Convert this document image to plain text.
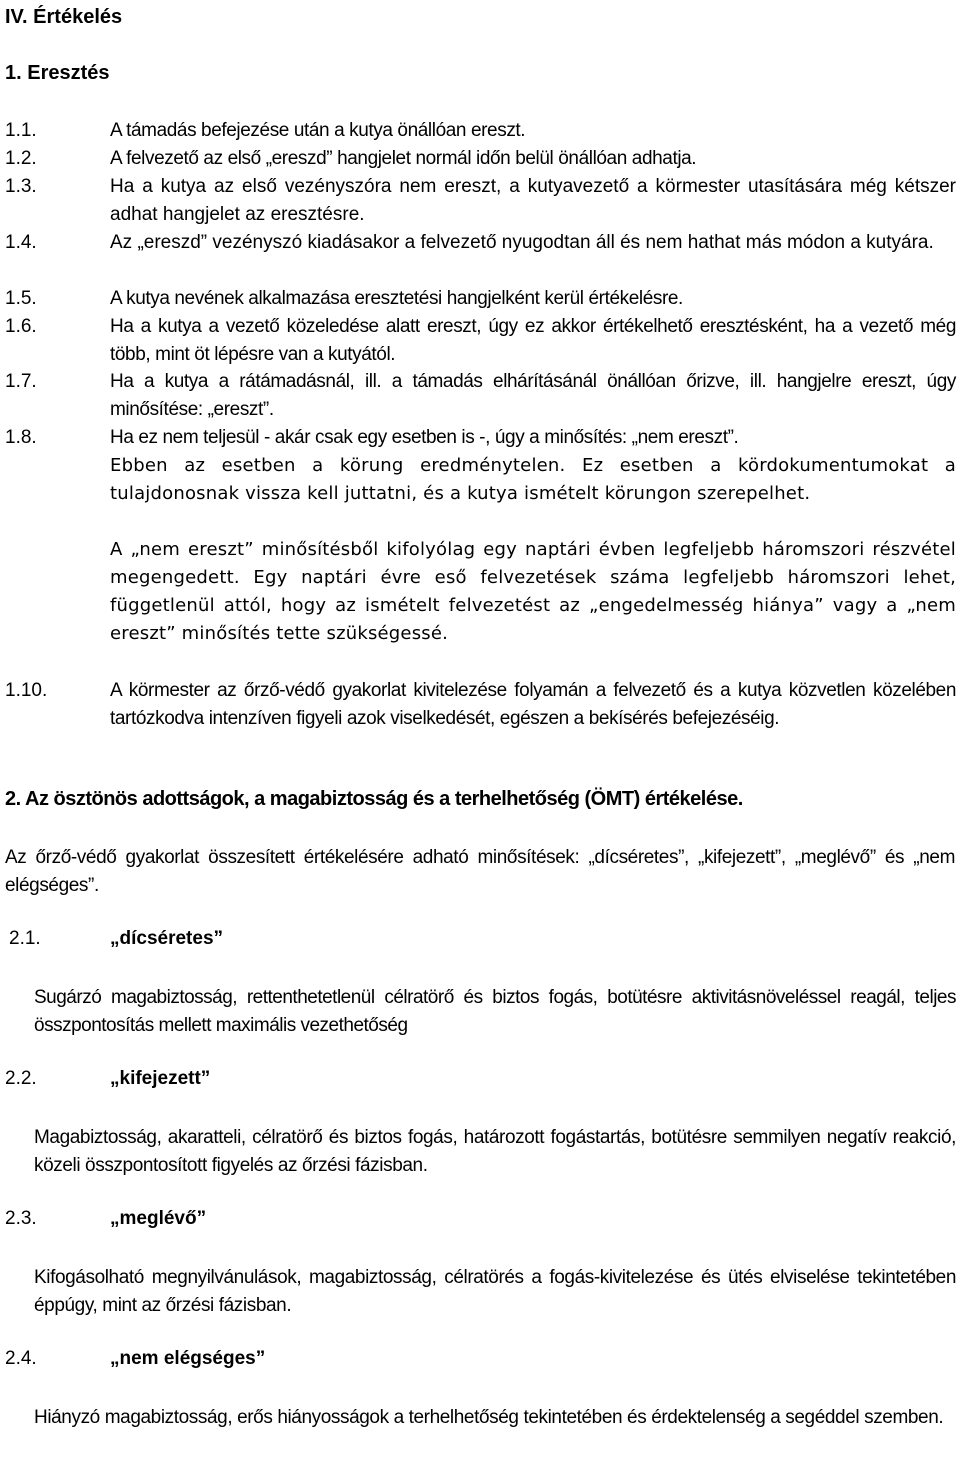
IV. Értékelés
1. Eresztés
1.1.	A támadás befejezése után a kutya önállóan ereszt.

1.2.	A felvezető az első „ereszd” hangjelet normál időn belül önállóan adhatja.

1.3.	Ha a kutya az első vezényszóra nem ereszt, a kutyavezető a körmester utasítására még kétszer adhat hangjelet az eresztésre.

1.4.	Az „ereszd” vezényszó kiadásakor a felvezető nyugodtan áll és nem hathat más módon a kutyára.

1.5.	A kutya nevének alkalmazása eresztetési hangjelként kerül értékelésre.

1.6.	Ha a kutya a vezető közeledése alatt ereszt, úgy ez akkor értékelhető eresztésként, ha a vezető még több, mint öt lépésre van a kutyától.

1.7.	Ha a kutya a rátámadásnál, ill. a támadás elhárításánál önállóan őrizve, ill. hangjelre ereszt, úgy minősítése: „ereszt”.

1.8.	Ha ez nem teljesül - akár csak egy esetben is -, úgy a minősítés: „nem ereszt”.

Ebben az esetben a körung eredménytelen. Ez esetben a kördokumentumokat a tulajdonosnak vissza kell juttatni, és a kutya ismételt körungon szerepelhet.

A „nem ereszt” minősítésből kifolyólag egy naptári évben legfeljebb háromszori részvétel megengedett. Egy naptári évre eső felvezetések száma legfeljebb háromszori lehet, függetlenül attól, hogy az ismételt felvezetést az „engedelmesség hiánya” vagy a „nem ereszt” minősítés tette szükségessé.

1.10.	A körmester az őrző-védő gyakorlat kivitelezése folyamán a felvezető és a kutya közvetlen közelében tartózkodva intenzíven figyeli azok viselkedését, egészen a bekísérés befejezéséig.

2. Az ösztönös adottságok, a magabiztosság és a terhelhetőség (ÖMT) értékelése.

Az őrző-védő gyakorlat összesített értékelésére adható minősítések: „dícséretes”, „kifejezett”, „meglévő” és „nem elégséges”.

2.1.	„dícséretes”

Sugárzó magabiztosság, rettenthetetlenül célratörő és biztos fogás, botütésre aktivitásnöveléssel reagál, teljes összpontosítás mellett maximális vezethetőség

2.2.	„kifejezett”

Magabiztosság, akaratteli, célratörő és biztos fogás, határozott fogástartás, botütésre semmilyen negatív reakció, közeli összpontosított figyelés az őrzési fázisban.

2.3.	„meglévő”

Kifogásolható megnyilvánulások, magabiztosság, célratörés a fogás-kivitelezése és ütés elviselése tekintetében éppúgy, mint az őrzési fázisban.

2.4.	„nem elégséges”

Hiányzó magabiztosság, erős hiányosságok a terhelhetőség tekintetében és érdektelenség a segéddel szemben.
